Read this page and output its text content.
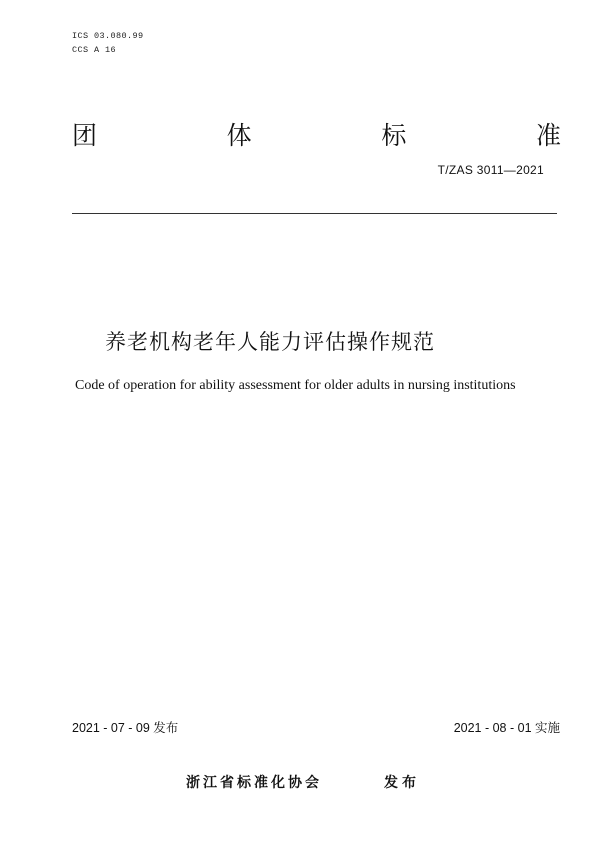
ICS 03.080.99
CCS A 16
团	体	标	准
T/ZAS 3011—2021
养老机构老年人能力评估操作规范
Code of operation for ability assessment for older adults in nursing institutions
2021 - 07 - 09 发布	2021 - 08 - 01 实施
浙江省标准化协会	发布
